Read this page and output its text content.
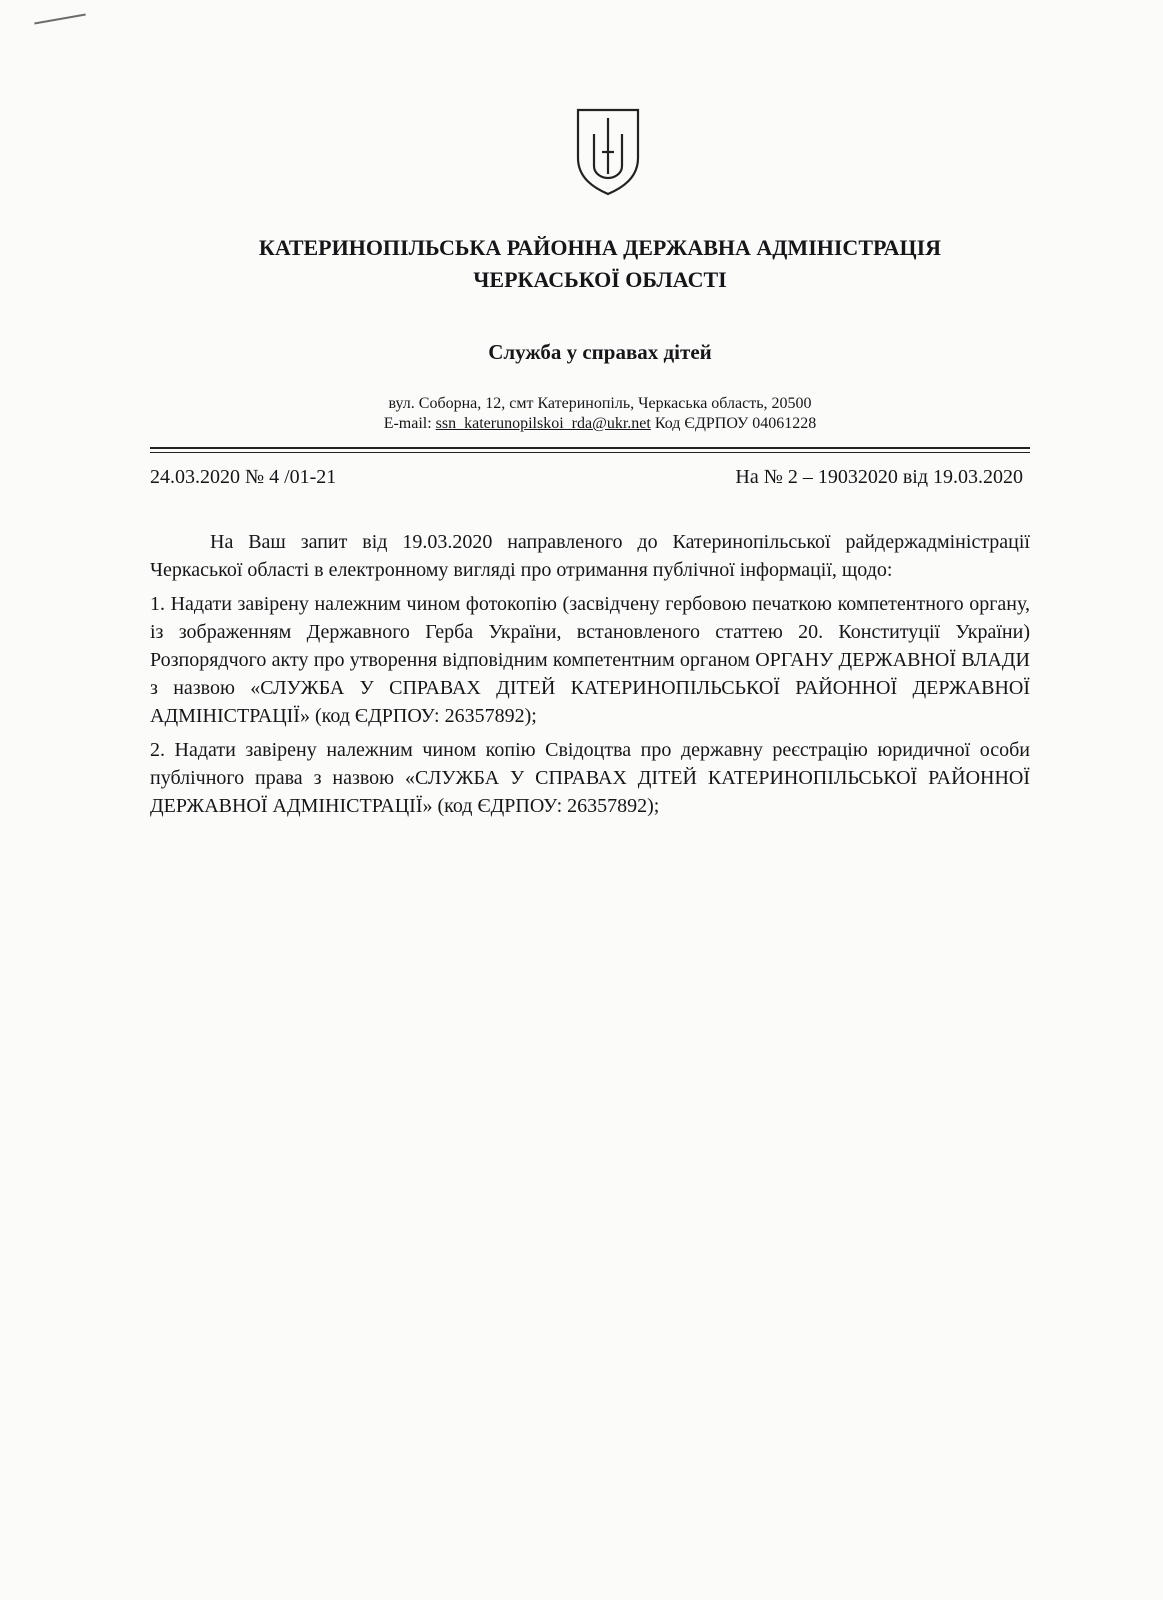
КАТЕРИНОПІЛЬСЬКА РАЙОННА ДЕРЖАВНА АДМІНІСТРАЦІЯ
ЧЕРКАСЬКОЇ ОБЛАСТІ
Служба у справах дітей
вул. Соборна, 12, смт Катеринопіль, Черкаська область, 20500
E-mail: ssn_katerunopilskoi_rda@ukr.net Код ЄДРПОУ 04061228
24.03.2020 № 4 /01-21	На № 2 – 19032020 від 19.03.2020

На Ваш запит від 19.03.2020 направленого до Катеринопільської райдержадміністрації Черкаської області в електронному вигляді про отримання публічної інформації, щодо:

1. Надати завірену належним чином фотокопію (засвідчену гербовою печаткою компетентного органу, із зображенням Державного Герба України, встановленого статтею 20. Конституції України) Розпорядчого акту про утворення відповідним компетентним органом ОРГАНУ ДЕРЖАВНОЇ ВЛАДИ з назвою «СЛУЖБА У СПРАВАХ ДІТЕЙ КАТЕРИНОПІЛЬСЬКОЇ РАЙОННОЇ ДЕРЖАВНОЇ АДМІНІСТРАЦІЇ» (код ЄДРПОУ: 26357892);

2. Надати завірену належним чином копію Свідоцтва про державну реєстрацію юридичної особи публічного права з назвою «СЛУЖБА У СПРАВАХ ДІТЕЙ КАТЕРИНОПІЛЬСЬКОЇ РАЙОННОЇ ДЕРЖАВНОЇ АДМІНІСТРАЦІЇ» (код ЄДРПОУ: 26357892);
